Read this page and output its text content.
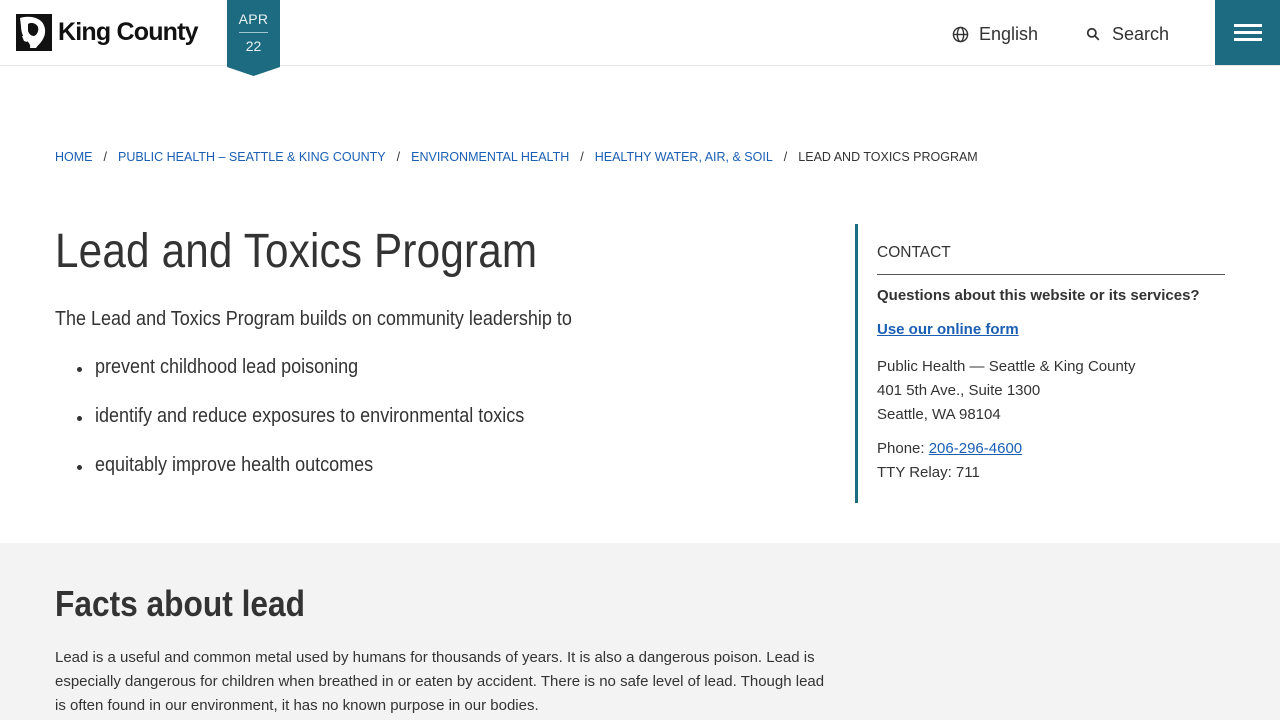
King County	APR
22
English	Search
HOME / PUBLIC HEALTH – SEATTLE & KING COUNTY / ENVIRONMENTAL HEALTH / HEALTHY WATER, AIR, & SOIL / LEAD AND TOXICS PROGRAM
Lead and Toxics Program

The Lead and Toxics Program builds on community leadership to

prevent childhood lead poisoning
identify and reduce exposures to environmental toxics
equitably improve health outcomes
CONTACT
Questions about this website or its services?
Use our online form
Public Health — Seattle & King County
401 5th Ave., Suite 1300
Seattle, WA 98104
Phone: 206-296-4600
TTY Relay: 711
Facts about lead

Lead is a useful and common metal used by humans for thousands of years. It is also a dangerous poison. Lead is especially dangerous for children when breathed in or eaten by accident. There is no safe level of lead. Though lead is often found in our environment, it has no known purpose in our bodies.
